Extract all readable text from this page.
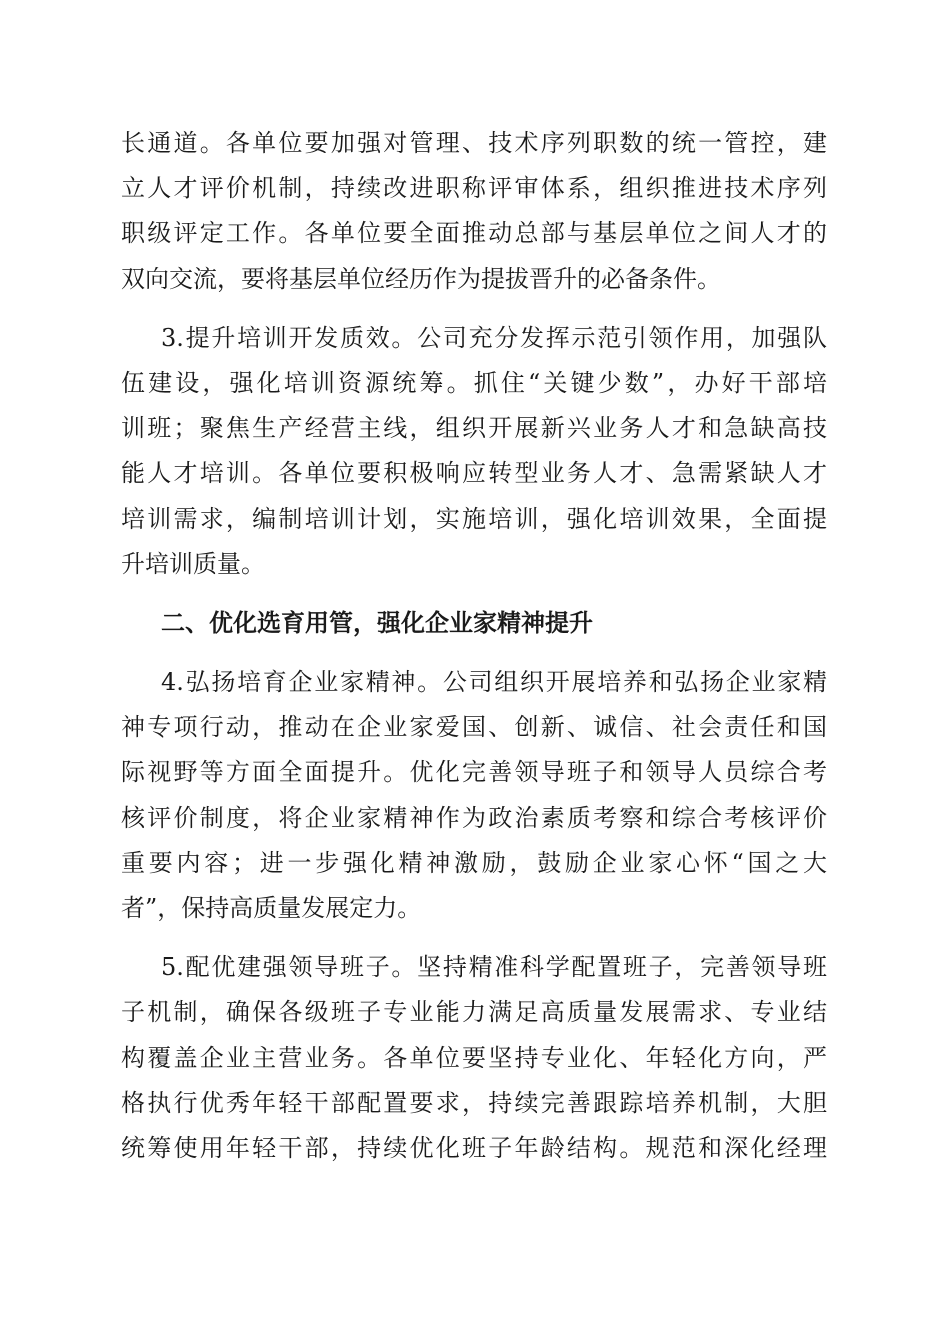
长通道。各单位要加强对管理、技术序列职数的统一管控，建
立人才评价机制，持续改进职称评审体系，组织推进技术序列
职级评定工作。各单位要全面推动总部与基层单位之间人才的
双向交流，要将基层单位经历作为提拔晋升的必备条件。
3.提升培训开发质效。公司充分发挥示范引领作用，加强队
伍建设，强化培训资源统筹。抓住“关键少数”，办好干部培
训班；聚焦生产经营主线，组织开展新兴业务人才和急缺高技
能人才培训。各单位要积极响应转型业务人才、急需紧缺人才
培训需求，编制培训计划，实施培训，强化培训效果，全面提
升培训质量。
二、优化选育用管，强化企业家精神提升
4.弘扬培育企业家精神。公司组织开展培养和弘扬企业家精
神专项行动，推动在企业家爱国、创新、诚信、社会责任和国
际视野等方面全面提升。优化完善领导班子和领导人员综合考
核评价制度，将企业家精神作为政治素质考察和综合考核评价
重要内容；进一步强化精神激励，鼓励企业家心怀“国之大
者”，保持高质量发展定力。
5.配优建强领导班子。坚持精准科学配置班子，完善领导班
子机制，确保各级班子专业能力满足高质量发展需求、专业结
构覆盖企业主营业务。各单位要坚持专业化、年轻化方向，严
格执行优秀年轻干部配置要求，持续完善跟踪培养机制，大胆
统筹使用年轻干部，持续优化班子年龄结构。规范和深化经理
